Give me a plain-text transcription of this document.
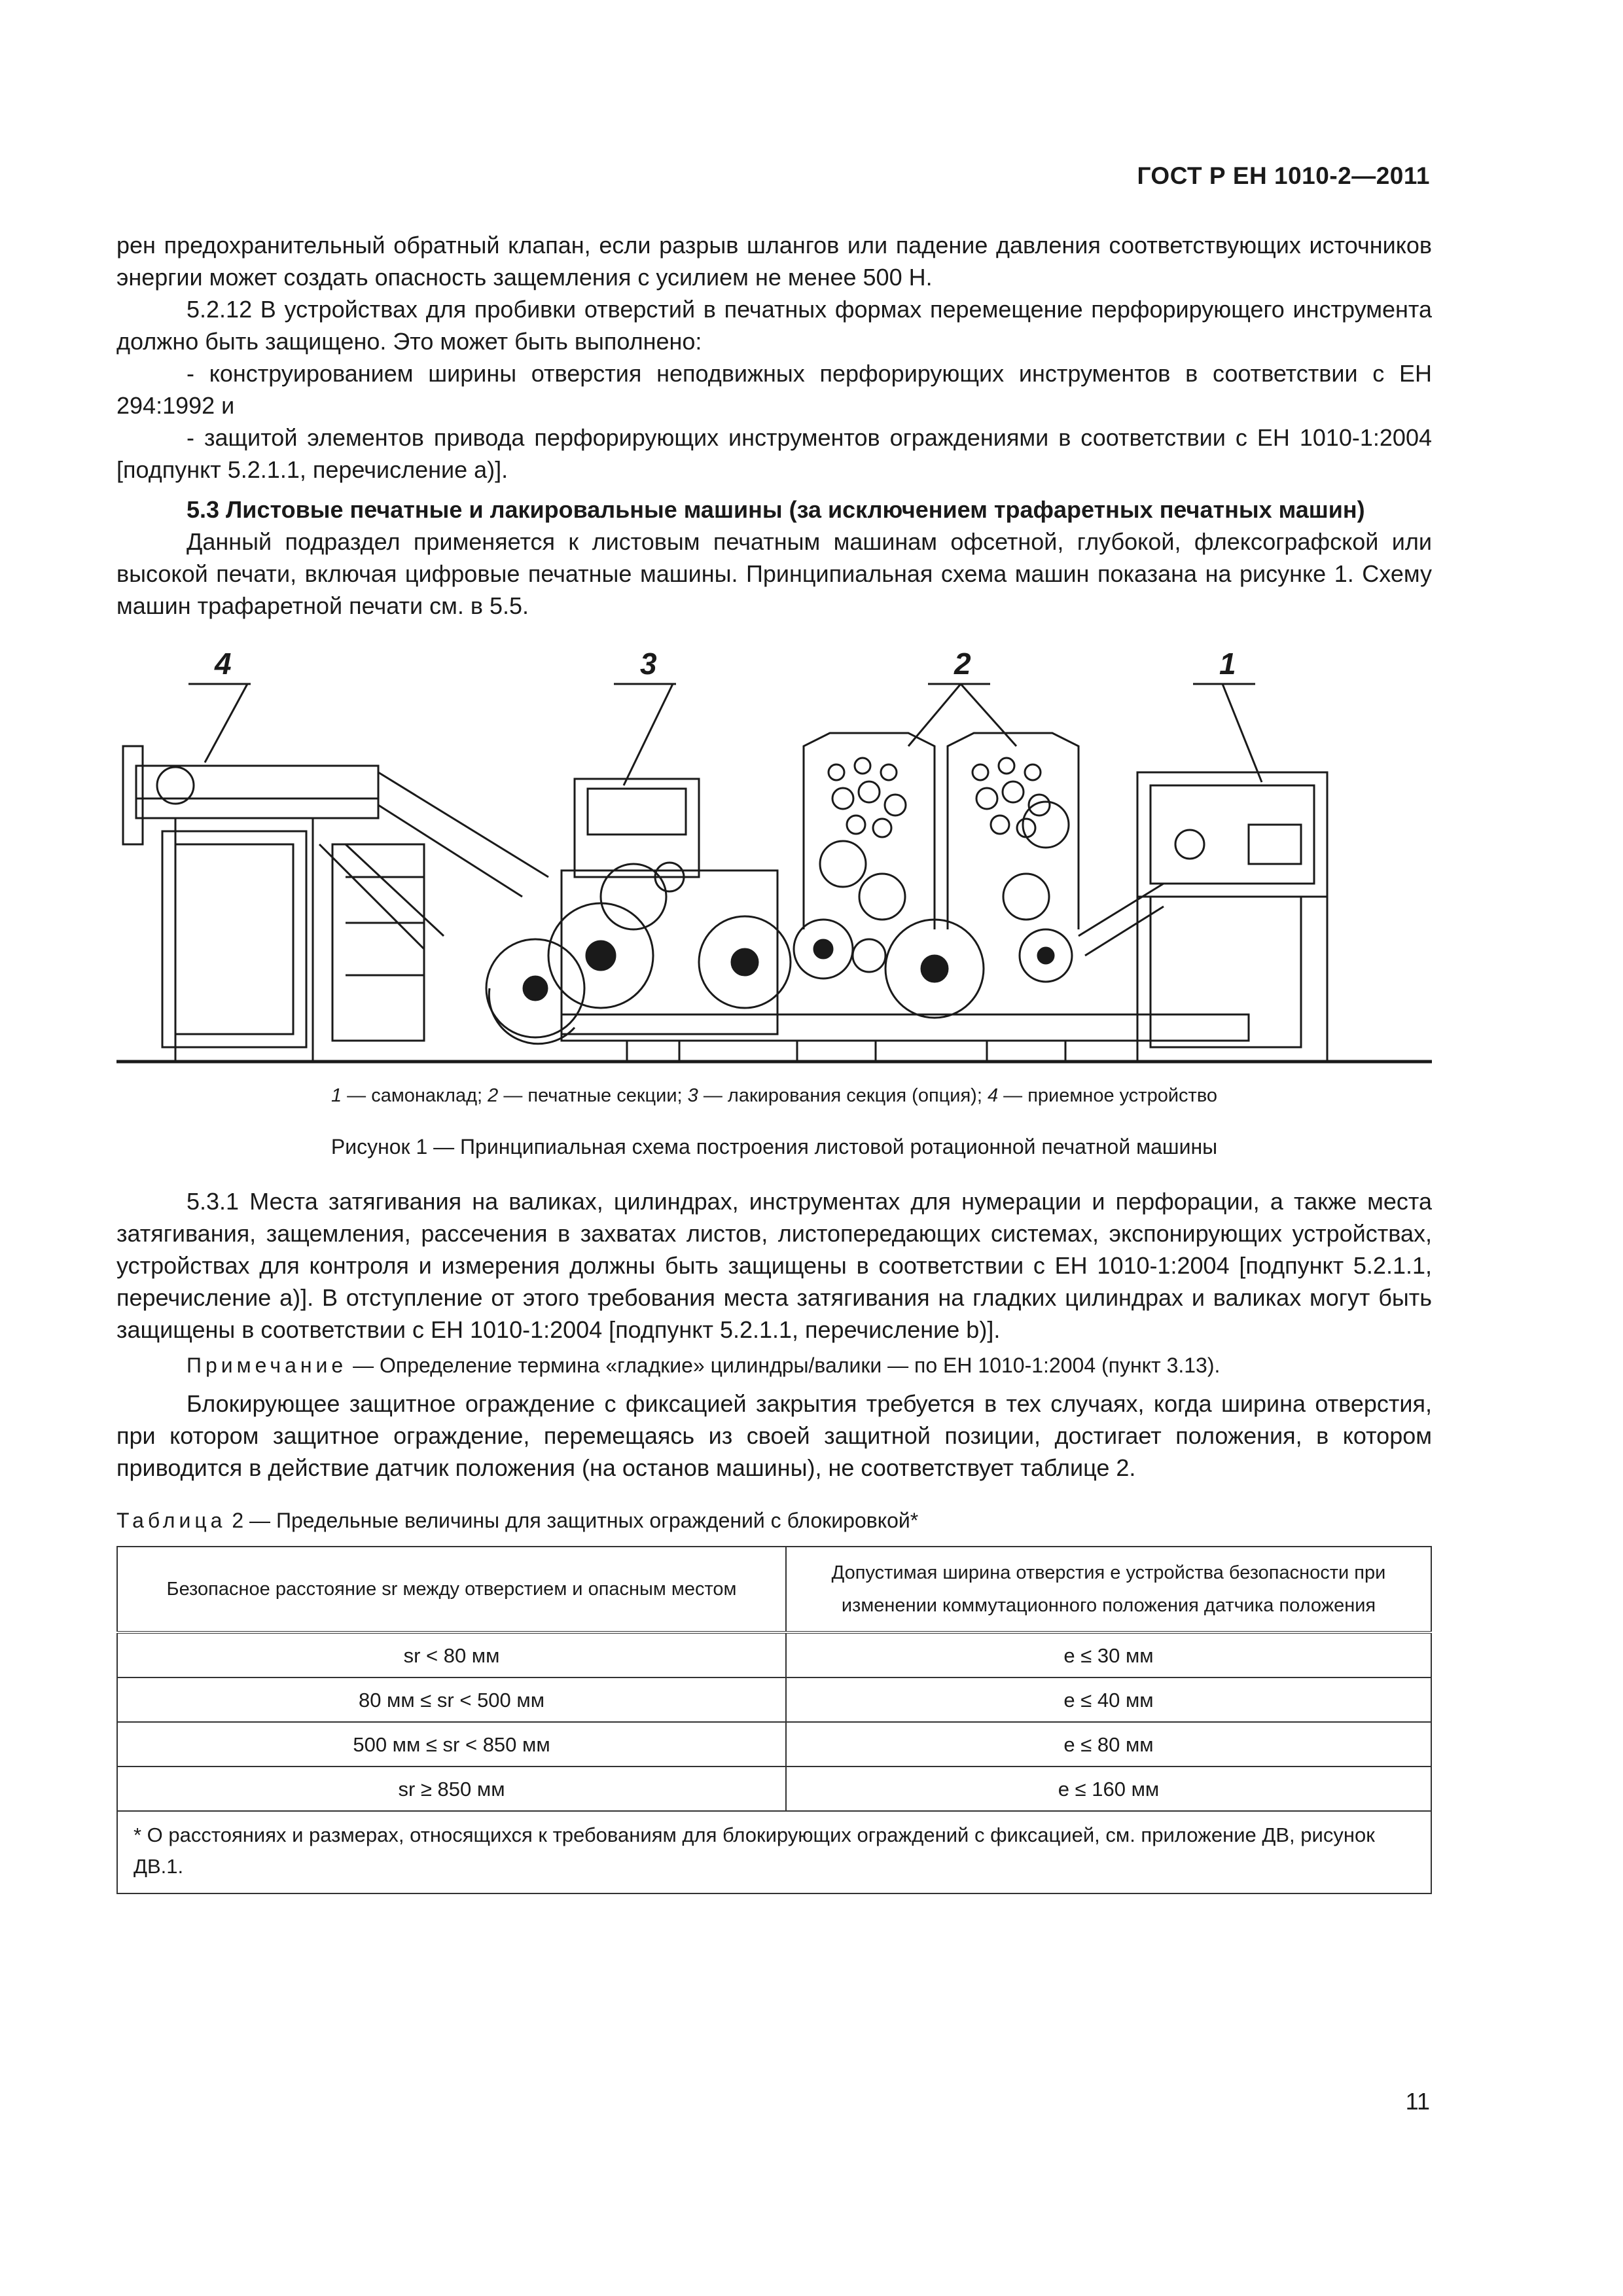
ГОСТ Р ЕН 1010-2—2011

рен предохранительный обратный клапан, если разрыв шлангов или падение давления соответствующих источников энергии может создать опасность защемления с усилием не менее 500 Н.

5.2.12 В устройствах для пробивки отверстий в печатных формах перемещение перфорирующего инструмента должно быть защищено. Это может быть выполнено:

- конструированием ширины отверстия неподвижных перфорирующих инструментов в соответствии с ЕН 294:1992 и

- защитой элементов привода перфорирующих инструментов ограждениями в соответствии с ЕН 1010-1:2004 [подпункт 5.2.1.1, перечисление а)].

5.3 Листовые печатные и лакировальные машины (за исключением трафаретных печатных машин)

Данный подраздел применяется к листовым печатным машинам офсетной, глубокой, флексографской или высокой печати, включая цифровые печатные машины. Принципиальная схема машин показана на рисунке 1. Схему машин трафаретной печати см. в 5.5.

4	3	2	1
1 — самонаклад; 2 — печатные секции; 3 — лакирования секция (опция); 4 — приемное устройство
Рисунок 1 — Принципиальная схема построения листовой ротационной печатной машины

5.3.1 Места затягивания на валиках, цилиндрах, инструментах для нумерации и перфорации, а также места затягивания, защемления, рассечения в захватах листов, листопередающих системах, экспонирующих устройствах, устройствах для контроля и измерения должны быть защищены в соответствии с ЕН 1010-1:2004 [подпункт 5.2.1.1, перечисление а)]. В отступление от этого требования места затягивания на гладких цилиндрах и валиках могут быть защищены в соответствии с ЕН 1010-1:2004 [подпункт 5.2.1.1, перечисление b)].

Примечание — Определение термина «гладкие» цилиндры/валики — по ЕН 1010-1:2004 (пункт 3.13).

Блокирующее защитное ограждение с фиксацией закрытия требуется в тех случаях, когда ширина отверстия, при котором защитное ограждение, перемещаясь из своей защитной позиции, достигает положения, в котором приводится в действие датчик положения (на останов машины), не соответствует таблице 2.

Таблица 2 — Предельные величины для защитных ограждений с блокировкой*
Безопасное расстояние sr между отверстием и опасным местом	Допустимая ширина отверстия e устройства безопасности при изменении коммутационного положения датчика положения
sr < 80 мм	e ≤ 30 мм
80 мм ≤ sr < 500 мм	e ≤ 40 мм
500 мм ≤ sr < 850 мм	e ≤ 80 мм
sr ≥ 850 мм	e ≤ 160 мм
* О расстояниях и размерах, относящихся к требованиям для блокирующих ограждений с фиксацией, см. приложение ДВ, рисунок ДВ.1.	
11
